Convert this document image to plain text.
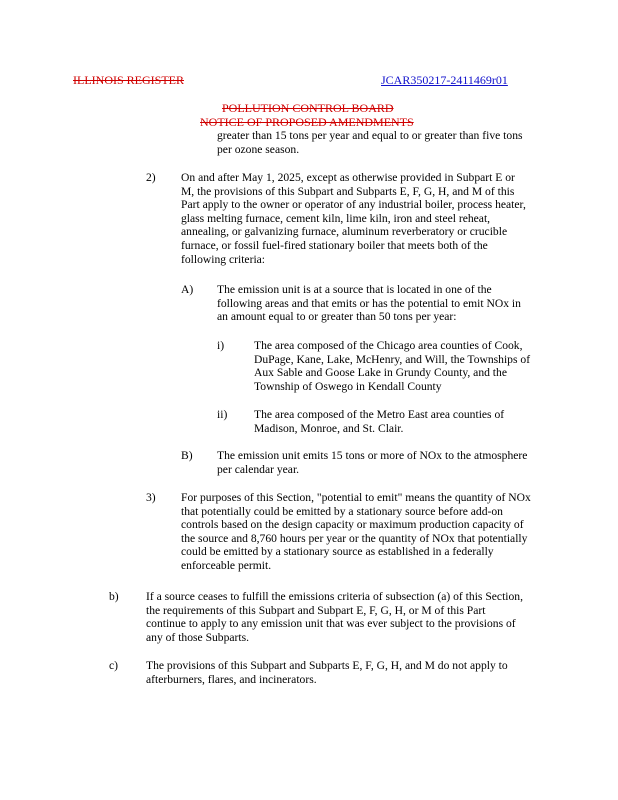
ILLINOIS REGISTER	JCAR350217-2411469r01
POLLUTION CONTROL BOARD
NOTICE OF PROPOSED AMENDMENTS
greater than 15 tons per year and equal to or greater than five tons
per ozone season.
2) On and after May 1, 2025, except as otherwise provided in Subpart E or
M, the provisions of this Subpart and Subparts E, F, G, H, and M of this
Part apply to the owner or operator of any industrial boiler, process heater,
glass melting furnace, cement kiln, lime kiln, iron and steel reheat,
annealing, or galvanizing furnace, aluminum reverberatory or crucible
furnace, or fossil fuel-fired stationary boiler that meets both of the
following criteria:
A) The emission unit is at a source that is located in one of the
following areas and that emits or has the potential to emit NOx in
an amount equal to or greater than 50 tons per year:
i)	The area composed of the Chicago area counties of Cook,
DuPage, Kane, Lake, McHenry, and Will, the Townships of
Aux Sable and Goose Lake in Grundy County, and the
Township of Oswego in Kendall County
ii) The area composed of the Metro East area counties of
Madison, Monroe, and St. Clair.
B) The emission unit emits 15 tons or more of NOx to the atmosphere
per calendar year.
3) For purposes of this Section, "potential to emit" means the quantity of NOx
that potentially could be emitted by a stationary source before add-on
controls based on the design capacity or maximum production capacity of
the source and 8,760 hours per year or the quantity of NOx that potentially
could be emitted by a stationary source as established in a federally
enforceable permit.
b) If a source ceases to fulfill the emissions criteria of subsection (a) of this Section,
the requirements of this Subpart and Subpart E, F, G, H, or M of this Part
continue to apply to any emission unit that was ever subject to the provisions of
any of those Subparts.
c) The provisions of this Subpart and Subparts E, F, G, H, and M do not apply to
afterburners, flares, and incinerators.
